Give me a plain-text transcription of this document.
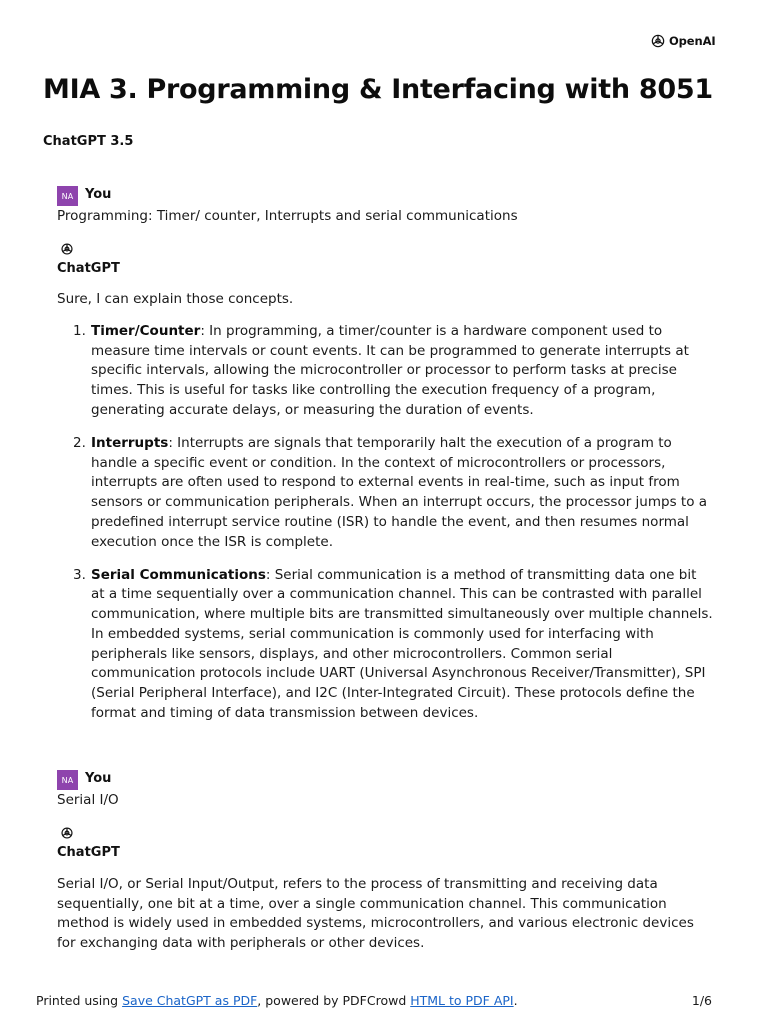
OpenAI
MIA 3. Programming & Interfacing with 8051
ChatGPT 3.5
NA You
Programming: Timer/ counter, Interrupts and serial communications
ChatGPT

Sure, I can explain those concepts.

1. Timer/Counter: In programming, a timer/counter is a hardware component used to measure time intervals or count events. It can be programmed to generate interrupts at specific intervals, allowing the microcontroller or processor to perform tasks at precise times. This is useful for tasks like controlling the execution frequency of a program, generating accurate delays, or measuring the duration of events.
2. Interrupts: Interrupts are signals that temporarily halt the execution of a program to handle a specific event or condition. In the context of microcontrollers or processors, interrupts are often used to respond to external events in real-time, such as input from sensors or communication peripherals. When an interrupt occurs, the processor jumps to a predefined interrupt service routine (ISR) to handle the event, and then resumes normal execution once the ISR is complete.
3. Serial Communications: Serial communication is a method of transmitting data one bit at a time sequentially over a communication channel. This can be contrasted with parallel communication, where multiple bits are transmitted simultaneously over multiple channels. In embedded systems, serial communication is commonly used for interfacing with peripherals like sensors, displays, and other microcontrollers. Common serial communication protocols include UART (Universal Asynchronous Receiver/Transmitter), SPI (Serial Peripheral Interface), and I2C (Inter-Integrated Circuit). These protocols define the format and timing of data transmission between devices.
NA You
Serial I/O
ChatGPT

Serial I/O, or Serial Input/Output, refers to the process of transmitting and receiving data sequentially, one bit at a time, over a single communication channel. This communication method is widely used in embedded systems, microcontrollers, and various electronic devices for exchanging data with peripherals or other devices.

Printed using Save ChatGPT as PDF, powered by PDFCrowd HTML to PDF API.	1/6
